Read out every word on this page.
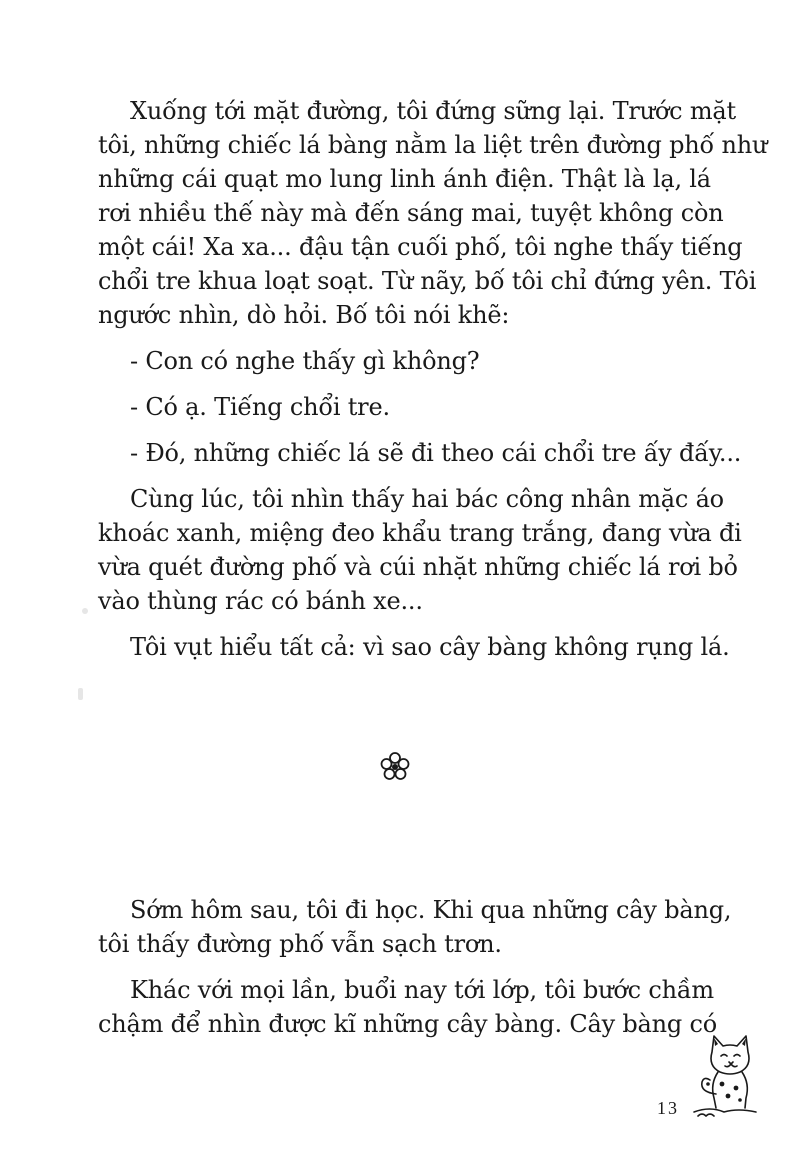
Xuống tới mặt đường, tôi đứng sững lại. Trước mặt
tôi, những chiếc lá bàng nằm la liệt trên đường phố như
những cái quạt mo lung linh ánh điện. Thật là lạ, lá
rơi nhiều thế này mà đến sáng mai, tuyệt không còn
một cái! Xa xa... đậu tận cuối phố, tôi nghe thấy tiếng
chổi tre khua loạt soạt. Từ nãy, bố tôi chỉ đứng yên. Tôi
ngước nhìn, dò hỏi. Bố tôi nói khẽ:
- Con có nghe thấy gì không?
- Có ạ. Tiếng chổi tre.
- Đó, những chiếc lá sẽ đi theo cái chổi tre ấy đấy...
Cùng lúc, tôi nhìn thấy hai bác công nhân mặc áo
khoác xanh, miệng đeo khẩu trang trắng, đang vừa đi
vừa quét đường phố và cúi nhặt những chiếc lá rơi bỏ
vào thùng rác có bánh xe...
Tôi vụt hiểu tất cả: vì sao cây bàng không rụng lá.
Sớm hôm sau, tôi đi học. Khi qua những cây bàng,
tôi thấy đường phố vẫn sạch trơn.
Khác với mọi lần, buổi nay tới lớp, tôi bước chầm
chậm để nhìn được kĩ những cây bàng. Cây bàng có
13
